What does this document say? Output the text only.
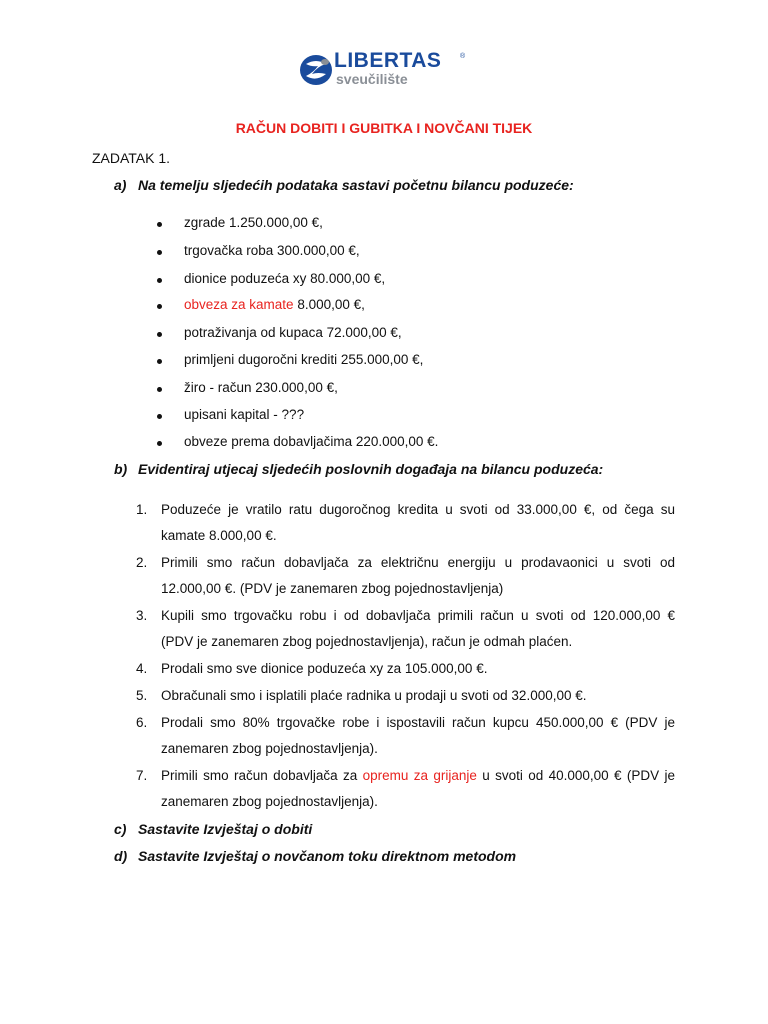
LIBERTAS	®
sveučilište
RAČUN DOBITI I GUBITKA I NOVČANI TIJEK
ZADATAK 1.
a) Na temelju sljedećih podataka sastavi početnu bilancu poduzeće:
zgrade 1.250.000,00 €,
trgovačka roba 300.000,00 €,
dionice poduzeća xy 80.000,00 €,
obveza za kamate 8.000,00 €,
potraživanja od kupaca 72.000,00 €,
primljeni dugoročni krediti 255.000,00 €,
žiro - račun 230.000,00 €,
upisani kapital - ???
obveze prema dobavljačima 220.000,00 €.
b) Evidentiraj utjecaj sljedećih poslovnih događaja na bilancu poduzeća:
1. Poduzeće je vratilo ratu dugoročnog kredita u svoti od 33.000,00 €, od čega su
kamate 8.000,00 €.
2. Primili smo račun dobavljača za električnu energiju u prodavaonici u svoti od
12.000,00 €. (PDV je zanemaren zbog pojednostavljenja)
3. Kupili smo trgovačku robu i od dobavljača primili račun u svoti od 120.000,00 €
(PDV je zanemaren zbog pojednostavljenja), račun je odmah plaćen.
4. Prodali smo sve dionice poduzeća xy za 105.000,00 €.
5. Obračunali smo i isplatili plaće radnika u prodaji u svoti od 32.000,00 €.
6. Prodali smo 80% trgovačke robe i ispostavili račun kupcu 450.000,00 € (PDV je
zanemaren zbog pojednostavljenja).
7. Primili smo račun dobavljača za opremu za grijanje u svoti od 40.000,00 € (PDV je
zanemaren zbog pojednostavljenja).
c) Sastavite Izvještaj o dobiti
d) Sastavite Izvještaj o novčanom toku direktnom metodom
